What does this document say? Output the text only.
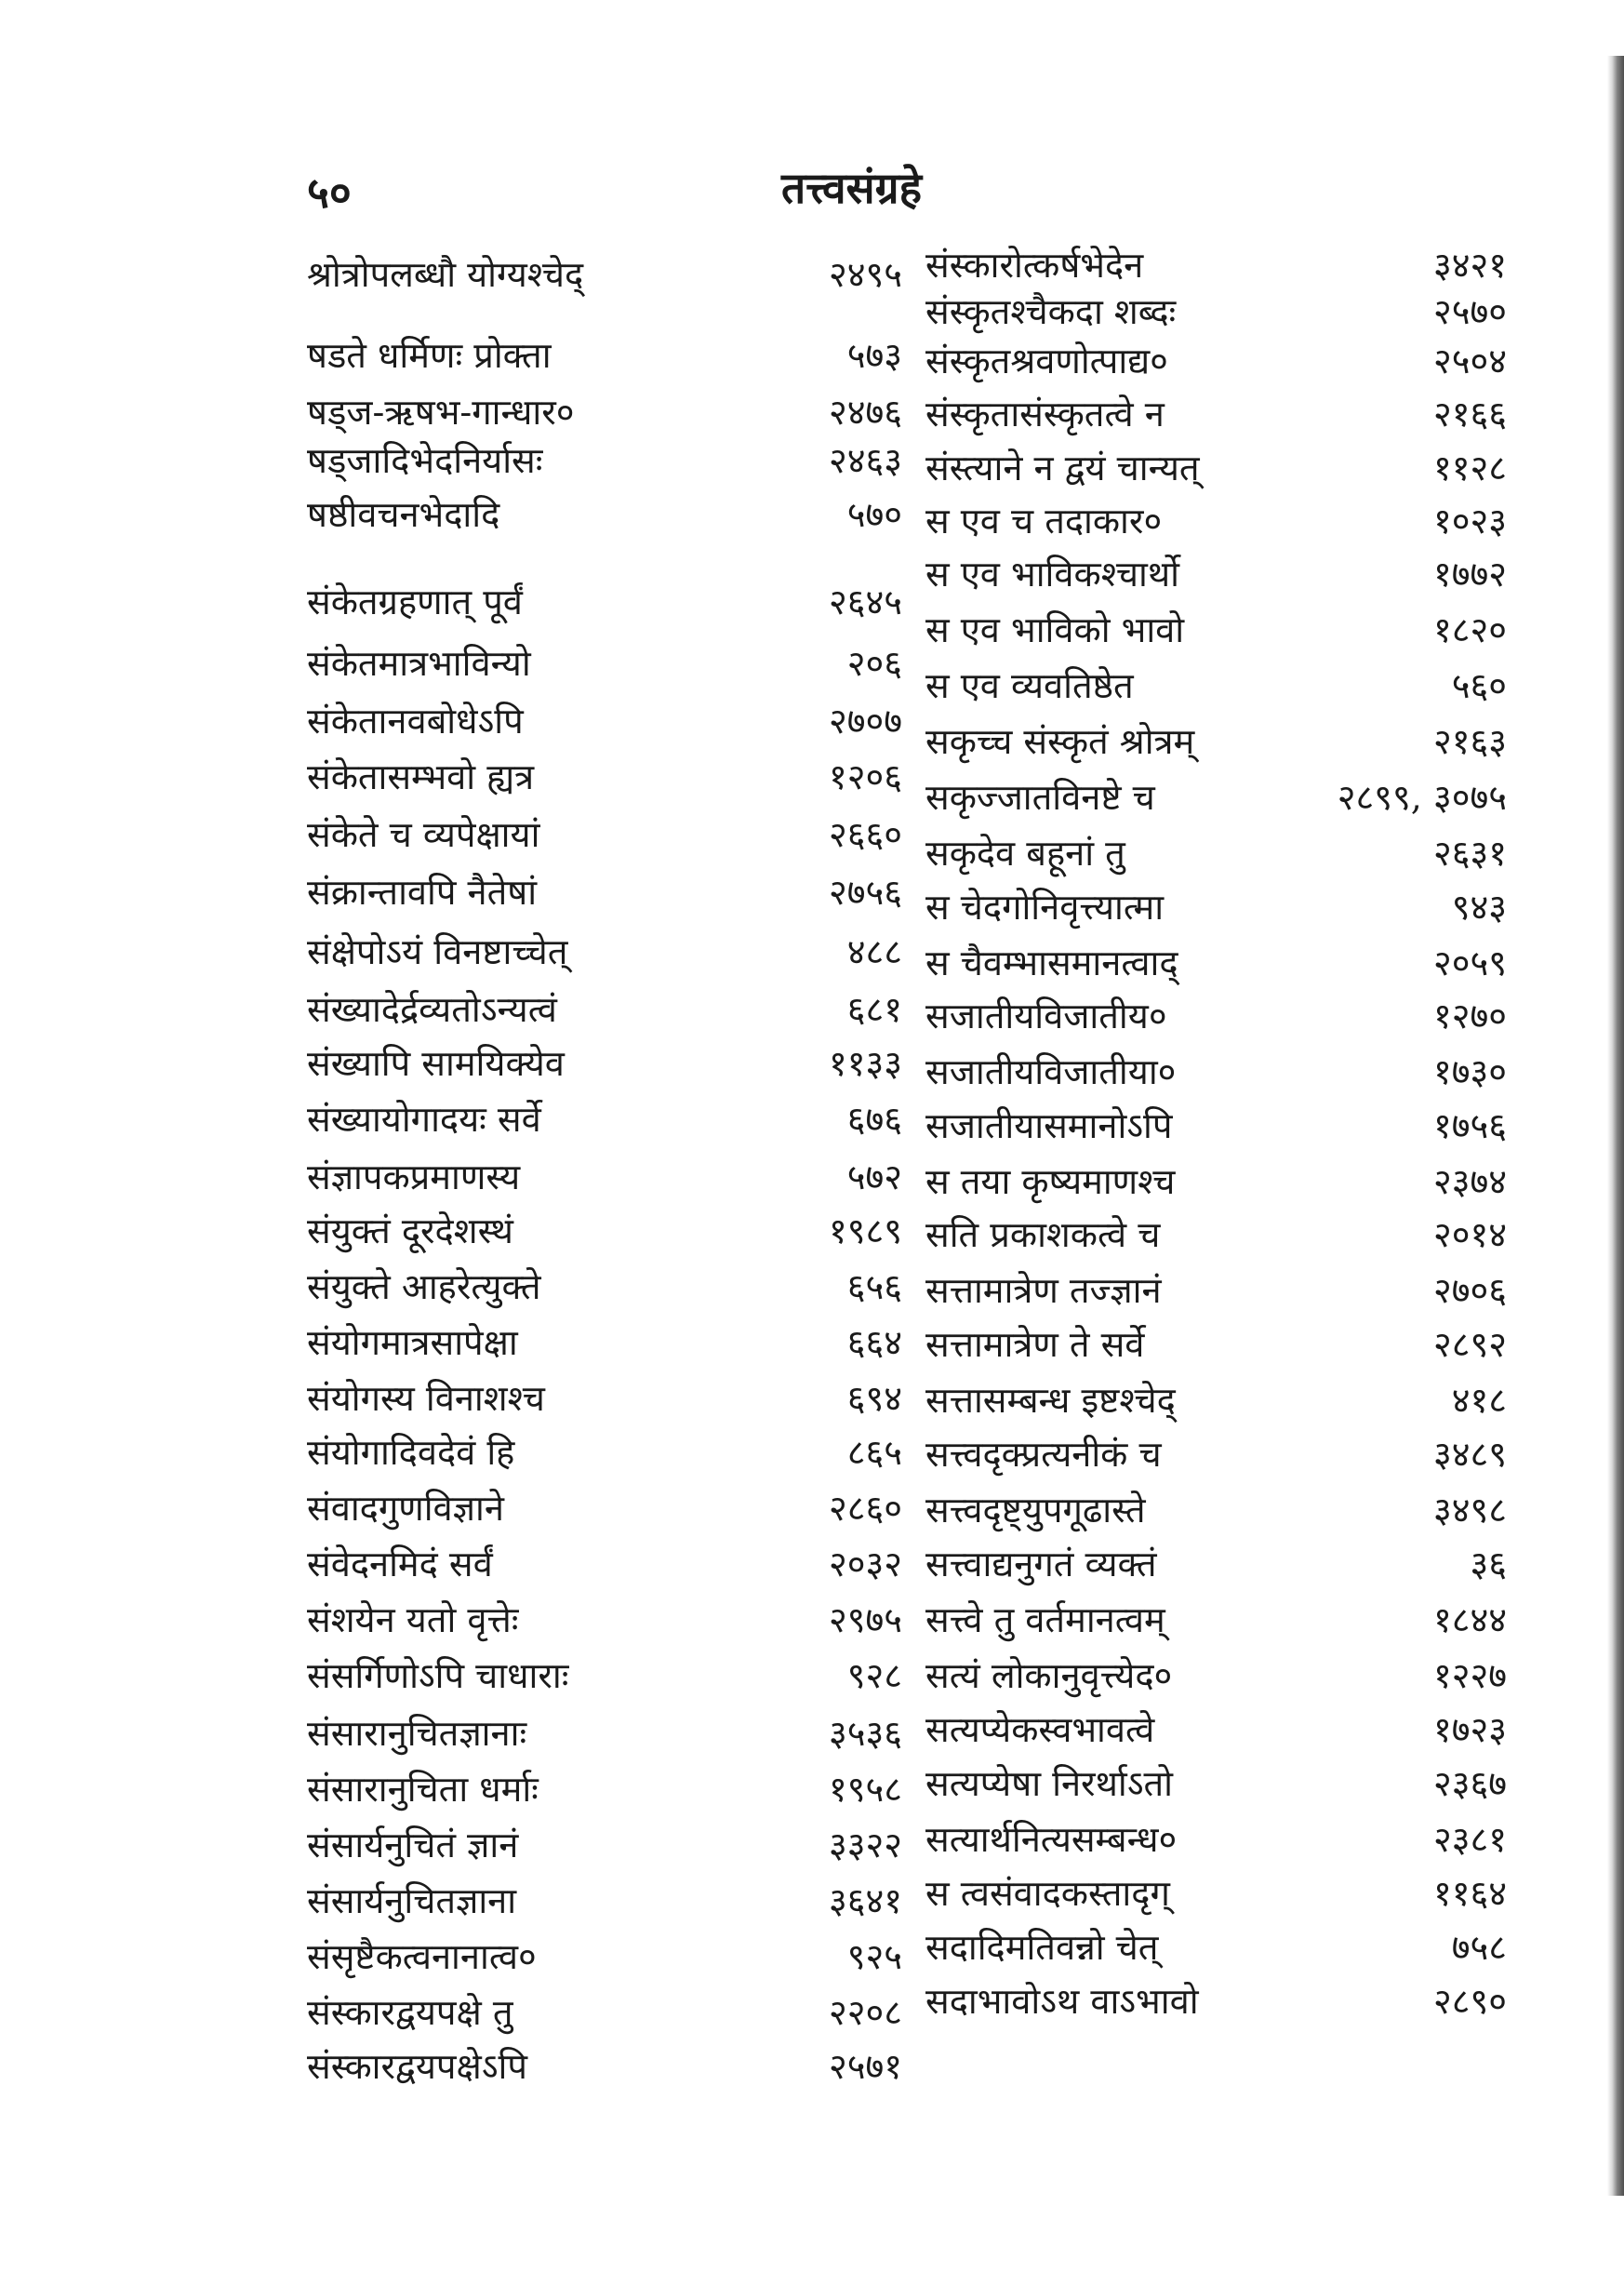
५०	तत्त्वसंग्रहे
श्रोत्रोपलब्धौ योग्यश्चेद्	२४९५
षडते धर्मिणः प्रोक्ता	५७३
षड्ज-ऋषभ-गान्धार०	२४७६
षड्जादिभेदनिर्यासः	२४६३
षष्ठीवचनभेदादि	५७०
संकेतग्रहणात् पूर्वं	२६४५
संकेतमात्रभाविन्यो	२०६
संकेतानवबोधेऽपि	२७०७
संकेतासम्भवो ह्यत्र	१२०६
संकेते च व्यपेक्षायां	२६६०
संक्रान्तावपि नैतेषां	२७५६
संक्षेपोऽयं विनष्टाच्चेत्	४८८
संख्यादेर्द्रव्यतोऽन्यत्वं	६८१
संख्यापि सामयिक्येव	११३३
संख्यायोगादयः सर्वे	६७६
संज्ञापकप्रमाणस्य	५७२
संयुक्तं दूरदेशस्थं	१९८९
संयुक्ते आहरेत्युक्ते	६५६
संयोगमात्रसापेक्षा	६६४
संयोगस्य विनाशश्च	६९४
संयोगादिवदेवं हि	८६५
संवादगुणविज्ञाने	२८६०
संवेदनमिदं सर्वं	२०३२
संशयेन यतो वृत्तेः	२९७५
संसर्गिणोऽपि चाधाराः	९२८
संसारानुचितज्ञानाः	३५३६
संसारानुचिता धर्माः	१९५८
संसार्यनुचितं ज्ञानं	३३२२
संसार्यनुचितज्ञाना	३६४१
संसृष्टैकत्वनानात्व०	९२५
संस्कारद्वयपक्षे तु	२२०८
संस्कारद्वयपक्षेऽपि	२५७१
संस्कारोत्कर्षभेदेन	३४२१
संस्कृतश्चैकदा शब्दः	२५७०
संस्कृतश्रवणोत्पाद्य०	२५०४
संस्कृतासंस्कृतत्वे न	२१६६
संस्त्याने न द्वयं चान्यत्	११२८
स एव च तदाकार०	१०२३
स एव भाविकश्चार्थो	१७७२
स एव भाविको भावो	१८२०
स एव व्यवतिष्ठेत	५६०
सकृच्च संस्कृतं श्रोत्रम्	२१६३
सकृज्जातविनष्टे च	२८९९, ३०७५
सकृदेव बहूनां तु	२६३१
स चेदगोनिवृत्त्यात्मा	९४३
स चैवम्भासमानत्वाद्	२०५९
सजातीयविजातीय०	१२७०
सजातीयविजातीया०	१७३०
सजातीयासमानोऽपि	१७५६
स तया कृष्यमाणश्च	२३७४
सति प्रकाशकत्वे च	२०१४
सत्तामात्रेण तज्ज्ञानं	२७०६
सत्तामात्रेण ते सर्वे	२८९२
सत्तासम्बन्ध इष्टश्चेद्	४१८
सत्त्वदृक्प्रत्यनीकं च	३४८९
सत्त्वदृष्ट्युपगूढास्ते	३४९८
सत्त्वाद्यनुगतं व्यक्तं	३६
सत्त्वे तु वर्तमानत्वम्	१८४४
सत्यं लोकानुवृत्त्येद०	१२२७
सत्यप्येकस्वभावत्वे	१७२३
सत्यप्येषा निरर्थाऽतो	२३६७
सत्यार्थनित्यसम्बन्ध०	२३८१
स त्वसंवादकस्तादृग्	११६४
सदादिमतिवन्नो चेत्	७५८
सदाभावोऽथ वाऽभावो	२८९०
